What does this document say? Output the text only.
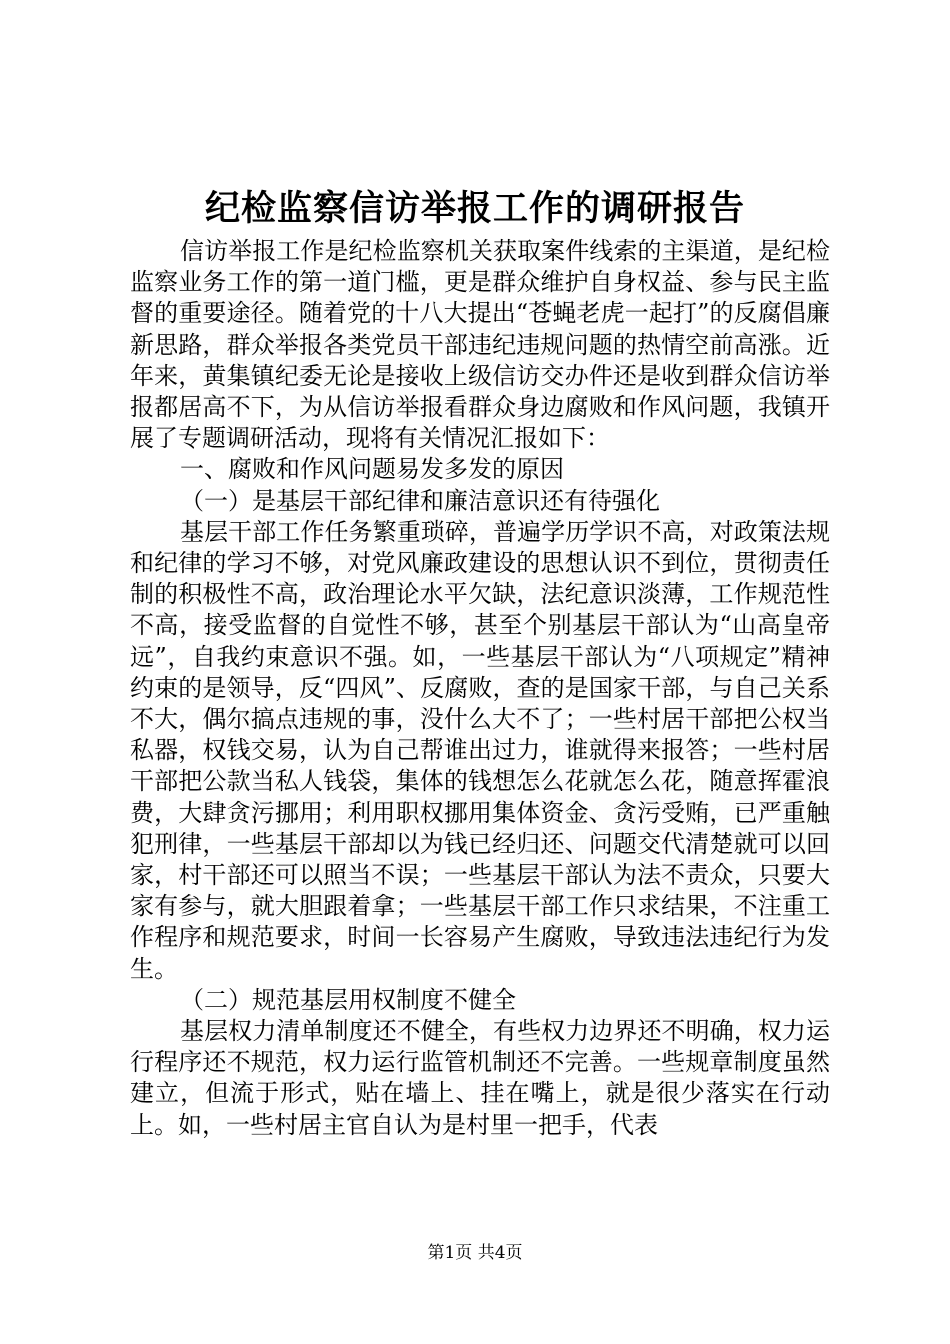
纪检监察信访举报工作的调研报告

信访举报工作是纪检监察机关获取案件线索的主渠道，是纪检监察业务工作的第一道门槛，更是群众维护自身权益、参与民主监督的重要途径。随着党的十八大提出“苍蝇老虎一起打”的反腐倡廉新思路，群众举报各类党员干部违纪违规问题的热情空前高涨。近年来，黄集镇纪委无论是接收上级信访交办件还是收到群众信访举报都居高不下，为从信访举报看群众身边腐败和作风问题，我镇开展了专题调研活动，现将有关情况汇报如下：

一、腐败和作风问题易发多发的原因

（一）是基层干部纪律和廉洁意识还有待强化

基层干部工作任务繁重琐碎，普遍学历学识不高，对政策法规和纪律的学习不够，对党风廉政建设的思想认识不到位，贯彻责任制的积极性不高，政治理论水平欠缺，法纪意识淡薄，工作规范性不高，接受监督的自觉性不够，甚至个别基层干部认为“山高皇帝远”，自我约束意识不强。如，一些基层干部认为“八项规定”精神约束的是领导，反“四风”、反腐败，查的是国家干部，与自己关系不大，偶尔搞点违规的事，没什么大不了；一些村居干部把公权当私器，权钱交易，认为自己帮谁出过力，谁就得来报答；一些村居干部把公款当私人钱袋，集体的钱想怎么花就怎么花，随意挥霍浪费，大肆贪污挪用；利用职权挪用集体资金、贪污受贿，已严重触犯刑律，一些基层干部却以为钱已经归还、问题交代清楚就可以回家，村干部还可以照当不误；一些基层干部认为法不责众，只要大家有参与，就大胆跟着拿；一些基层干部工作只求结果，不注重工作程序和规范要求，时间一长容易产生腐败，导致违法违纪行为发生。

（二）规范基层用权制度不健全

基层权力清单制度还不健全，有些权力边界还不明确，权力运行程序还不规范，权力运行监管机制还不完善。一些规章制度虽然建立，但流于形式，贴在墙上、挂在嘴上，就是很少落实在行动上。如，一些村居主官自认为是村里一把手，代表

第1页 共4页
